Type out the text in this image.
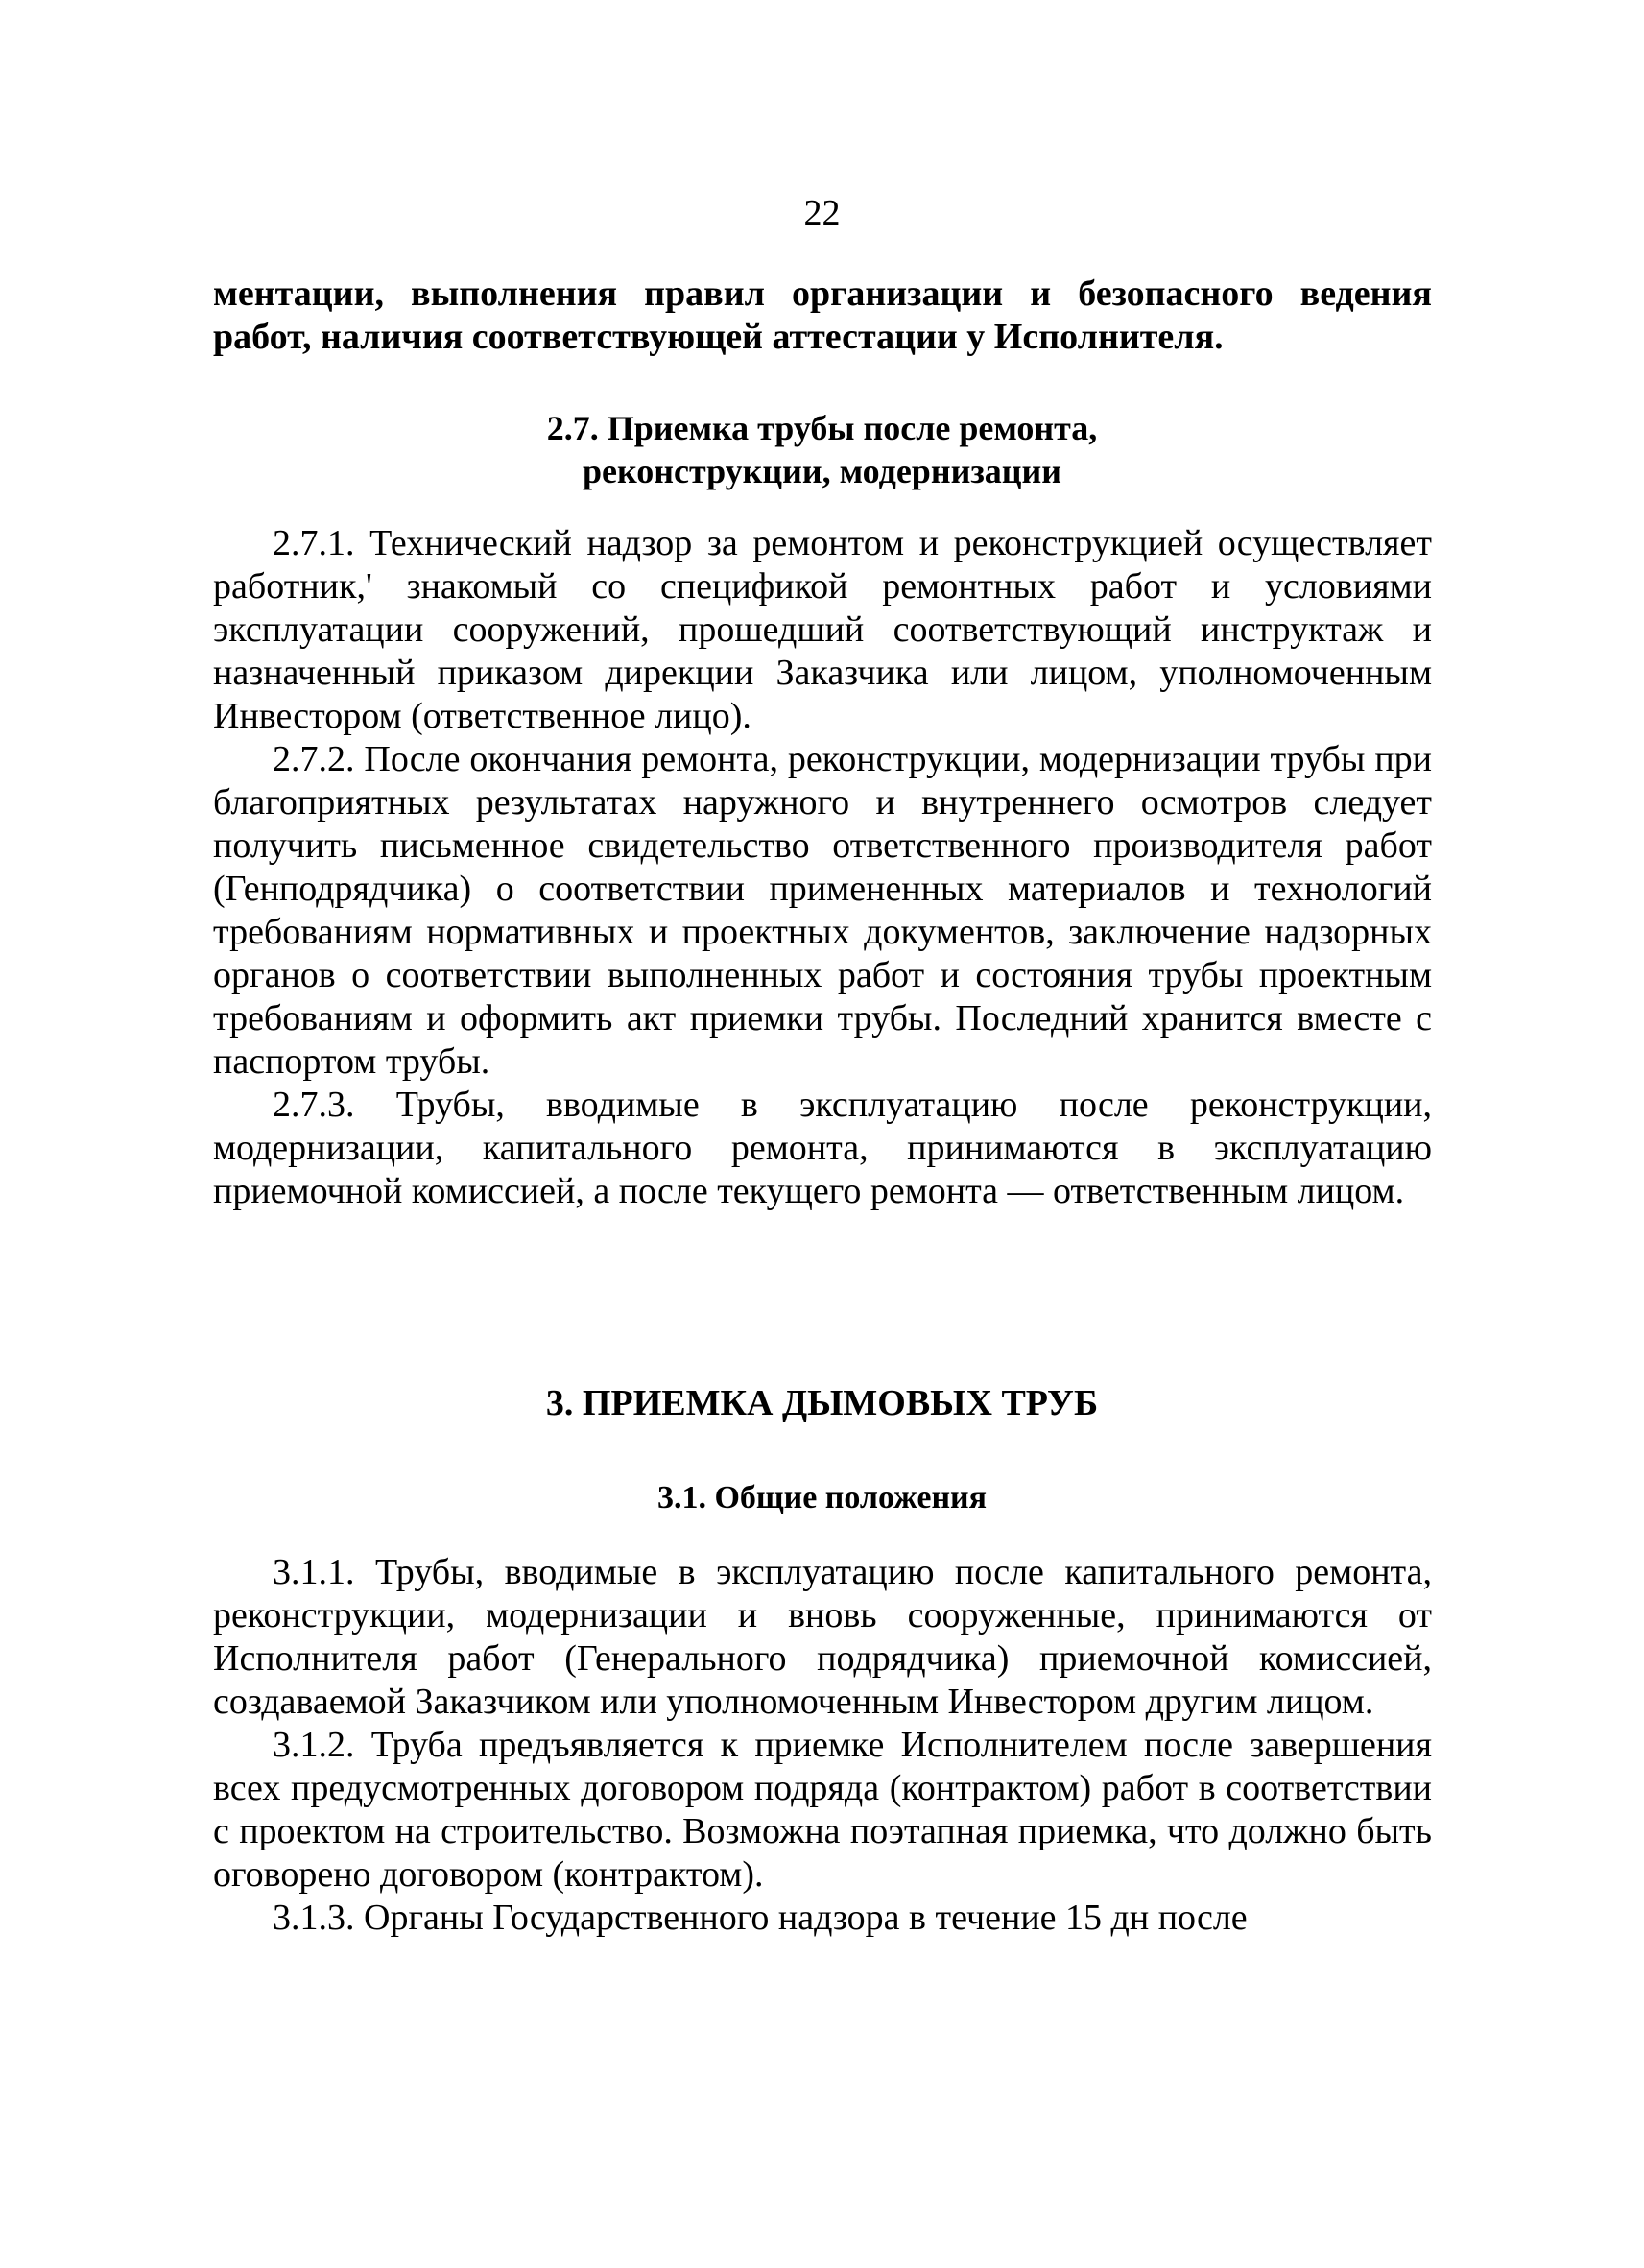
22

ментации, выполнения правил организации и безопасного ведения работ, наличия соответствующей аттестации у Исполнителя.

2.7. Приемка трубы после ремонта,
реконструкции, модернизации

2.7.1. Технический надзор за ремонтом и реконструкцией осуществляет работник,' знакомый со спецификой ремонтных работ и условиями эксплуатации сооружений, прошедший соответствующий инструктаж и назначенный приказом дирекции Заказчика или лицом, уполномоченным Инвестором (ответственное лицо).

2.7.2. После окончания ремонта, реконструкции, модернизации трубы при благоприятных результатах наружного и внутреннего осмотров следует получить письменное свидетельство ответственного производителя работ (Генподрядчика) о соответствии примененных материалов и технологий требованиям нормативных и проектных документов, заключение надзорных органов о соответствии выполненных работ и состояния трубы проектным требованиям и оформить акт приемки трубы. Последний хранится вместе с паспортом трубы.

2.7.3. Трубы, вводимые в эксплуатацию после реконструкции, модернизации, капитального ремонта, принимаются в эксплуатацию приемочной комиссией, а после текущего ремонта — ответственным лицом.

3. ПРИЕМКА ДЫМОВЫХ ТРУБ
3.1. Общие положения

3.1.1. Трубы, вводимые в эксплуатацию после капитального ремонта, реконструкции, модернизации и вновь сооруженные, принимаются от Исполнителя работ (Генерального подрядчика) приемочной комиссией, создаваемой Заказчиком или уполномоченным Инвестором другим лицом.

3.1.2. Труба предъявляется к приемке Исполнителем после завершения всех предусмотренных договором подряда (контрактом) работ в соответствии с проектом на строительство. Возможна поэтапная приемка, что должно быть оговорено договором (контрактом).

3.1.3. Органы Государственного надзора в течение 15 дн после
